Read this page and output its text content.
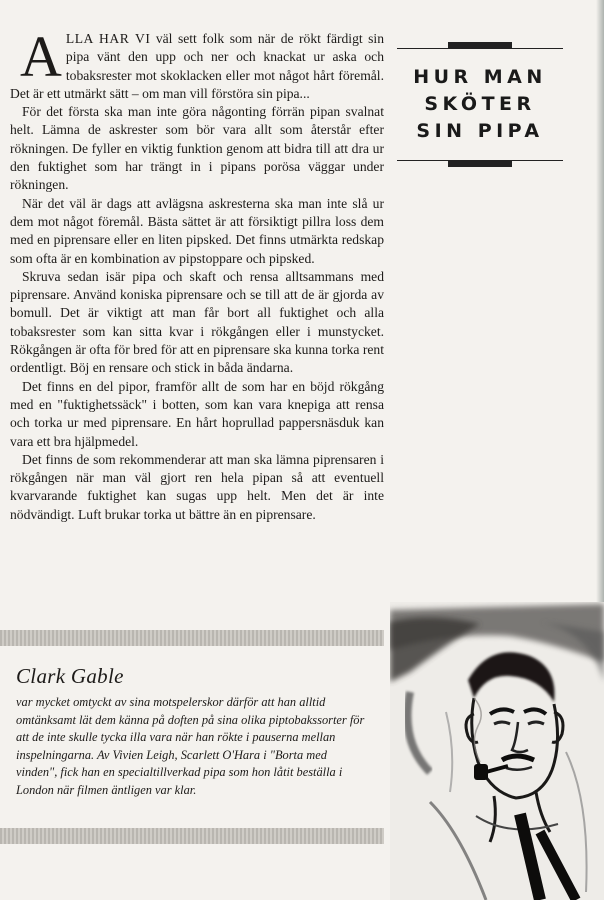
ALLA HAR VI väl sett folk som när de rökt färdigt sin pipa vänt den upp och ner och knackat ur aska och tobaksrester mot skoklacken eller mot något hårt föremål. Det är ett utmärkt sätt – om man vill förstöra sin pipa...

För det första ska man inte göra någonting förrän pipan svalnat helt. Lämna de askrester som bör vara allt som återstår efter rökningen. De fyller en viktig funktion genom att bidra till att dra ur den fuktighet som har trängt in i pipans porösa väggar under rökningen.

När det väl är dags att avlägsna askresterna ska man inte slå ur dem mot något föremål. Bästa sättet är att försiktigt pillra loss dem med en piprensare eller en liten pipsked. Det finns utmärkta redskap som ofta är en kombination av pipstoppare och pipsked.

Skruva sedan isär pipa och skaft och rensa alltsammans med piprensare. Använd koniska piprensare och se till att de är gjorda av bomull. Det är viktigt att man får bort all fuktighet och alla tobaksrester som kan sitta kvar i rökgången eller i munstycket. Rökgången är ofta för bred för att en piprensare ska kunna torka rent ordentligt. Böj en rensare och stick in båda ändarna.

Det finns en del pipor, framför allt de som har en böjd rökgång med en "fuktighetssäck" i botten, som kan vara knepiga att rensa och torka ur med piprensare. En hårt hoprullad pappersnäsduk kan vara ett bra hjälpmedel.

Det finns de som rekommenderar att man ska lämna piprensaren i rökgången när man väl gjort ren hela pipan så att eventuell kvarvarande fuktighet kan sugas upp helt. Men det är inte nödvändigt. Luft brukar torka ut bättre än en piprensare.

HUR MAN
SKÖTER
SIN PIPA
Clark Gable
var mycket omtyckt av sina motspelerskor därför att han alltid omtänksamt lät dem känna på doften på sina olika piptobakssorter för att de inte skulle tycka illa vara när han rökte i pauserna mellan inspelningarna. Av Vivien Leigh, Scarlett O'Hara i "Borta med vinden", fick han en specialtillverkad pipa som hon låtit beställa i London när filmen äntligen var klar.
